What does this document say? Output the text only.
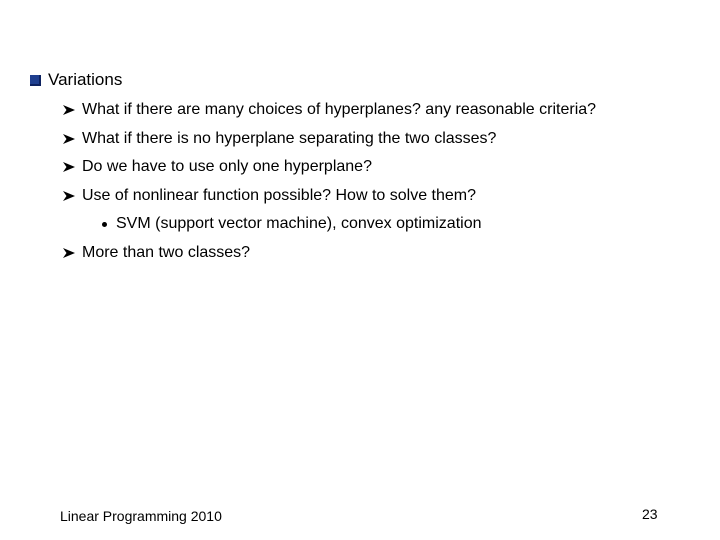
Variations
What if there are many choices of hyperplanes? any reasonable criteria?
What if there is no hyperplane separating the two classes?
Do we have to use only one hyperplane?
Use of nonlinear function possible? How to solve them?
SVM (support vector machine), convex optimization
More than two classes?
Linear Programming 2010	23
